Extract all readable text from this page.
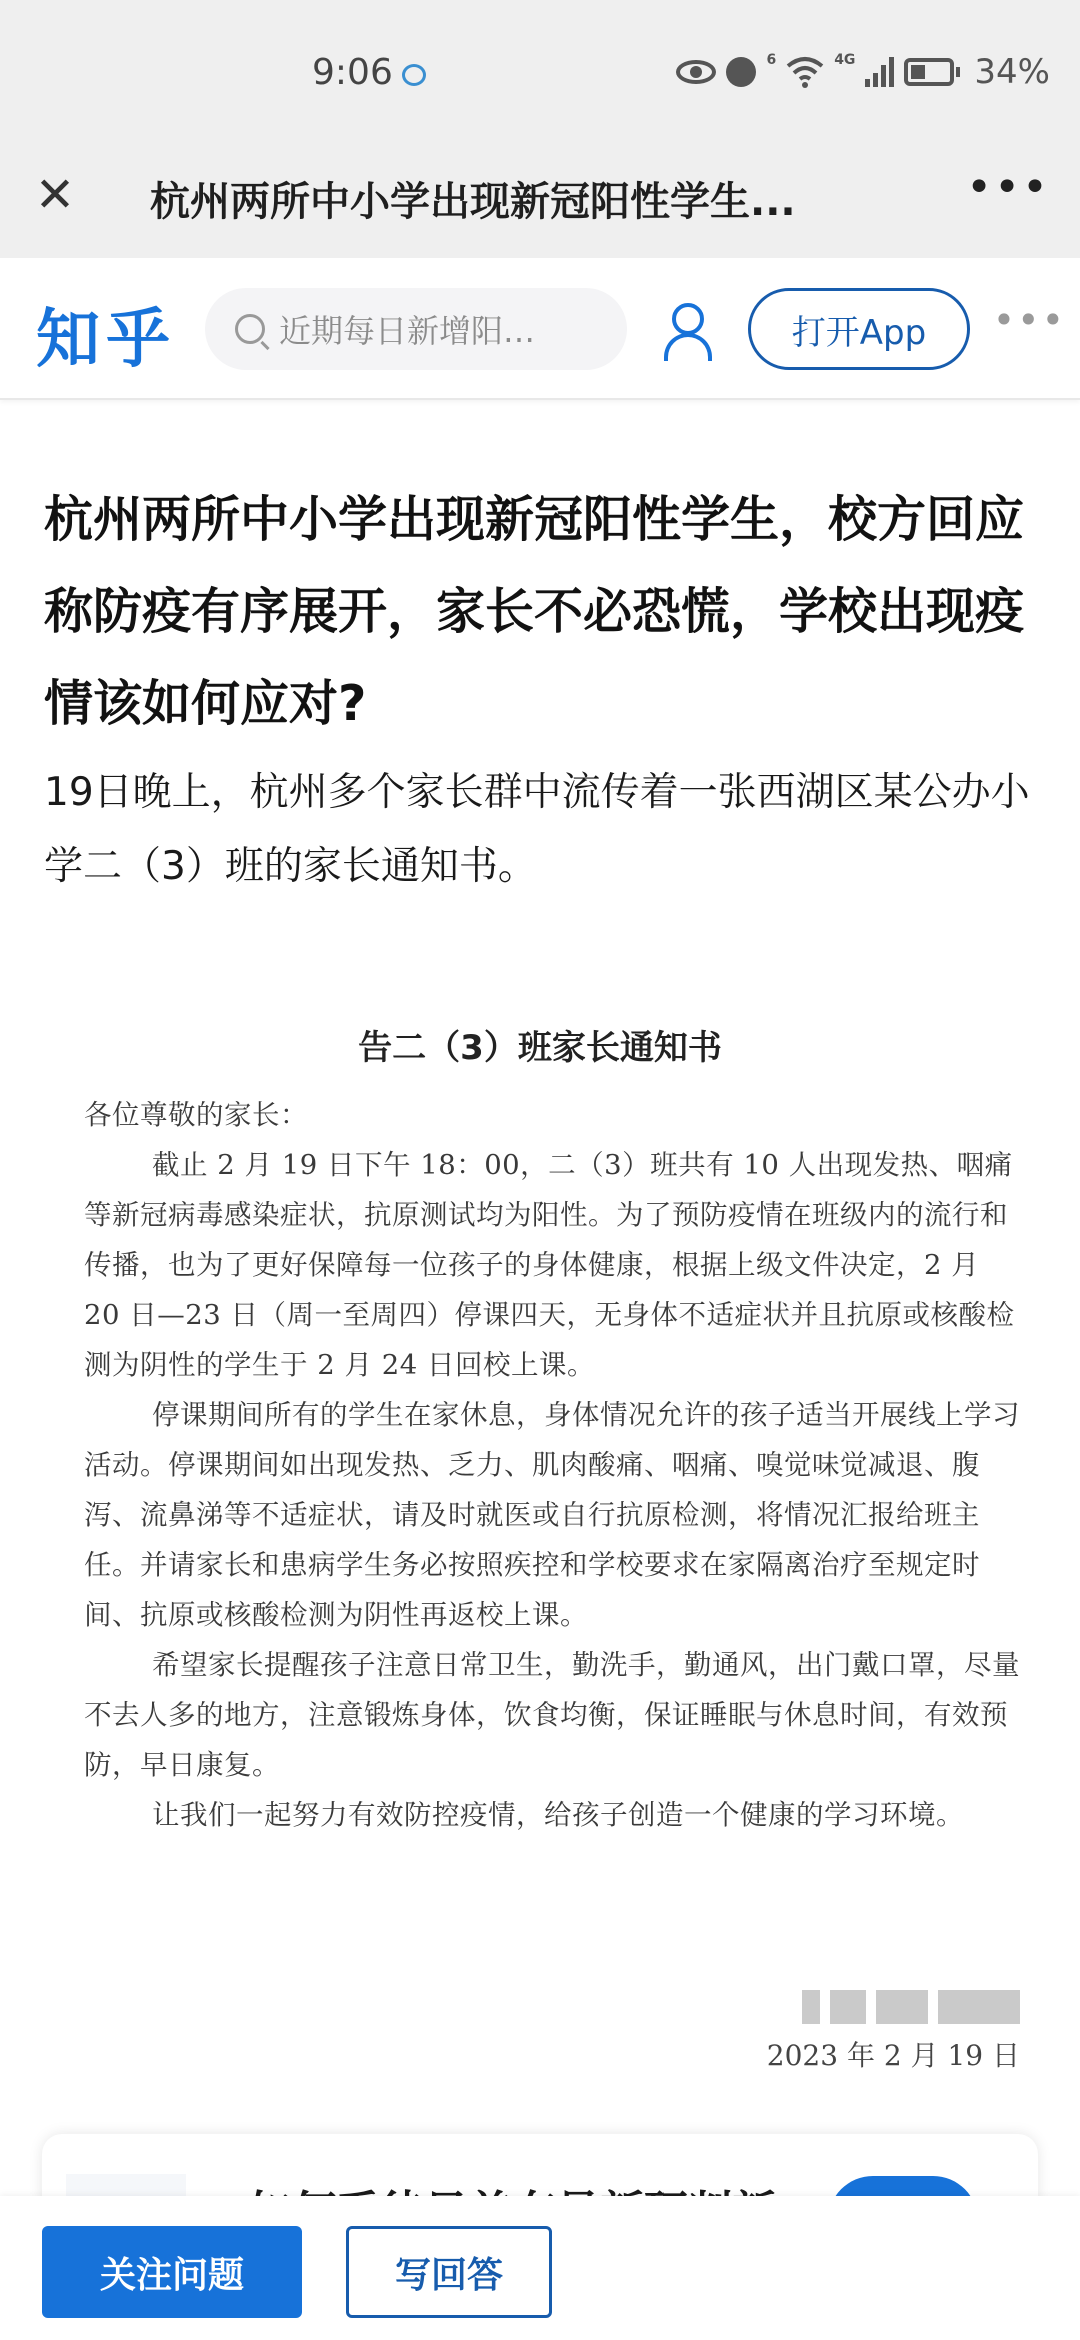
9:06	6	4G	34%
✕ 杭州两所中小学出现新冠阳性学生...	•••
知乎	近期每日新增阳…	打开App	•••
杭州两所中小学出现新冠阳性学生，校方回应称防疫有序展开，家长不必恐慌，学校出现疫情该如何应对?

19日晚上，杭州多个家长群中流传着一张西湖区某公办小学二（3）班的家长通知书。

告二（3）班家长通知书

各位尊敬的家长：

截止 2 月 19 日下午 18：00，二（3）班共有 10 人出现发热、咽痛等新冠病毒感染症状，抗原测试均为阳性。为了预防疫情在班级内的流行和传播，也为了更好保障每一位孩子的身体健康，根据上级文件决定，2 月 20 日—23 日（周一至周四）停课四天，无身体不适症状并且抗原或核酸检测为阴性的学生于 2 月 24 日回校上课。

停课期间所有的学生在家休息，身体情况允许的孩子适当开展线上学习活动。停课期间如出现发热、乏力、肌肉酸痛、咽痛、嗅觉味觉减退、腹泻、流鼻涕等不适症状，请及时就医或自行抗原检测，将情况汇报给班主任。并请家长和患病学生务必按照疾控和学校要求在家隔离治疗至规定时间、抗原或核酸检测为阴性再返校上课。

希望家长提醒孩子注意日常卫生，勤洗手，勤通风，出门戴口罩，尽量不去人多的地方，注意锻炼身体，饮食均衡，保证睡眠与休息时间，有效预防，早日康复。

让我们一起努力有效防控疫情，给孩子创造一个健康的学习环境。

2023 年 2 月 19 日
关注问题	写回答
